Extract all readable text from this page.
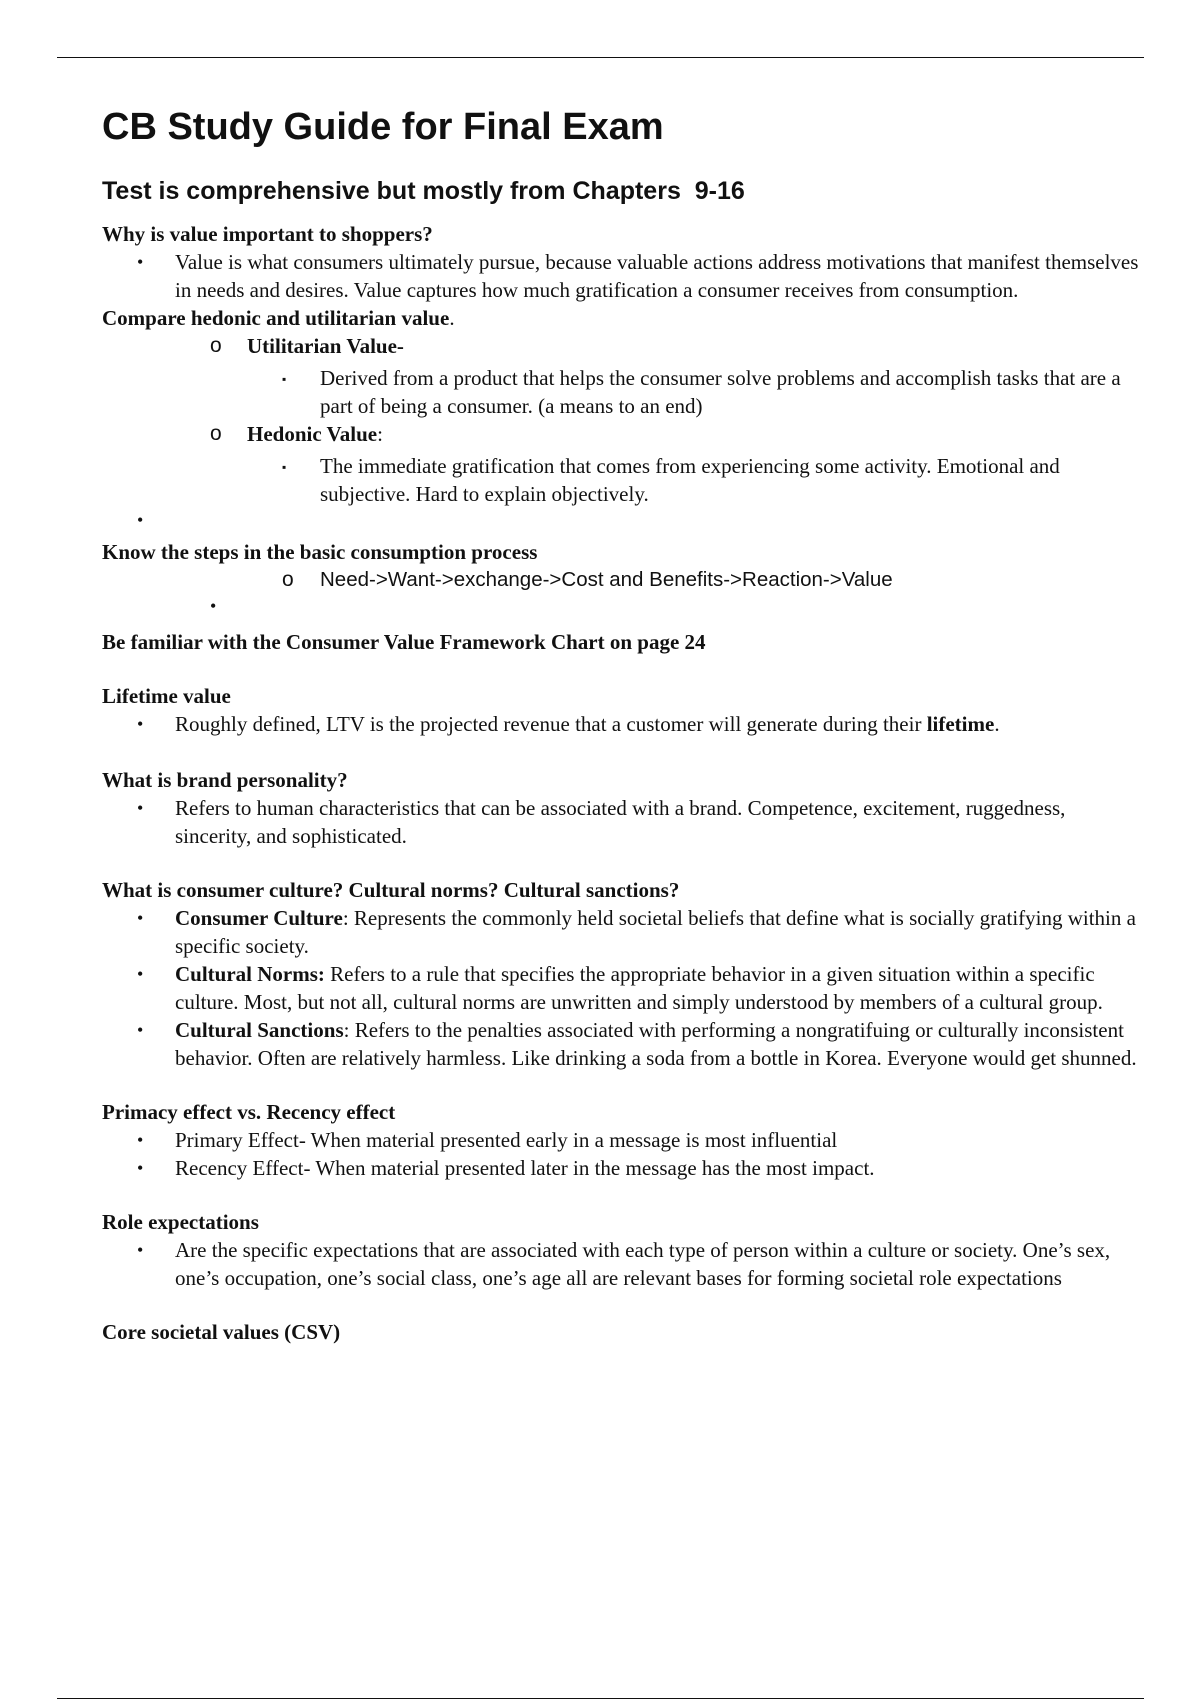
CB Study Guide for Final Exam
Test is comprehensive but mostly from Chapters  9-16

Why is value important to shoppers?

• Value is what consumers ultimately pursue, because valuable actions address motivations that manifest themselves in needs and desires. Value captures how much gratification a consumer receives from consumption.

Compare hedonic and utilitarian value.

o Utilitarian Value-
▪ Derived from a product that helps the consumer solve problems and accomplish tasks that are a part of being a consumer. (a means to an end)
o Hedonic Value:
▪ The immediate gratification that comes from experiencing some activity. Emotional and subjective. Hard to explain objectively.
•

Know the steps in the basic consumption process

o Need->Want->exchange->Cost and Benefits->Reaction->Value
•

Be familiar with the Consumer Value Framework Chart on page 24

Lifetime value

• Roughly defined, LTV is the projected revenue that a customer will generate during their lifetime.

What is brand personality?

• Refers to human characteristics that can be associated with a brand. Competence, excitement, ruggedness, sincerity, and sophisticated.

What is consumer culture? Cultural norms? Cultural sanctions?

• Consumer Culture: Represents the commonly held societal beliefs that define what is socially gratifying within a specific society.
• Cultural Norms: Refers to a rule that specifies the appropriate behavior in a given situation within a specific culture. Most, but not all, cultural norms are unwritten and simply understood by members of a cultural group.
• Cultural Sanctions: Refers to the penalties associated with performing a nongratifuing or culturally inconsistent behavior. Often are relatively harmless. Like drinking a soda from a bottle in Korea. Everyone would get shunned.

Primacy effect vs. Recency effect

• Primary Effect- When material presented early in a message is most influential
• Recency Effect- When material presented later in the message has the most impact.

Role expectations

• Are the specific expectations that are associated with each type of person within a culture or society. One’s sex, one’s occupation, one’s social class, one’s age all are relevant bases for forming societal role expectations

Core societal values (CSV)
